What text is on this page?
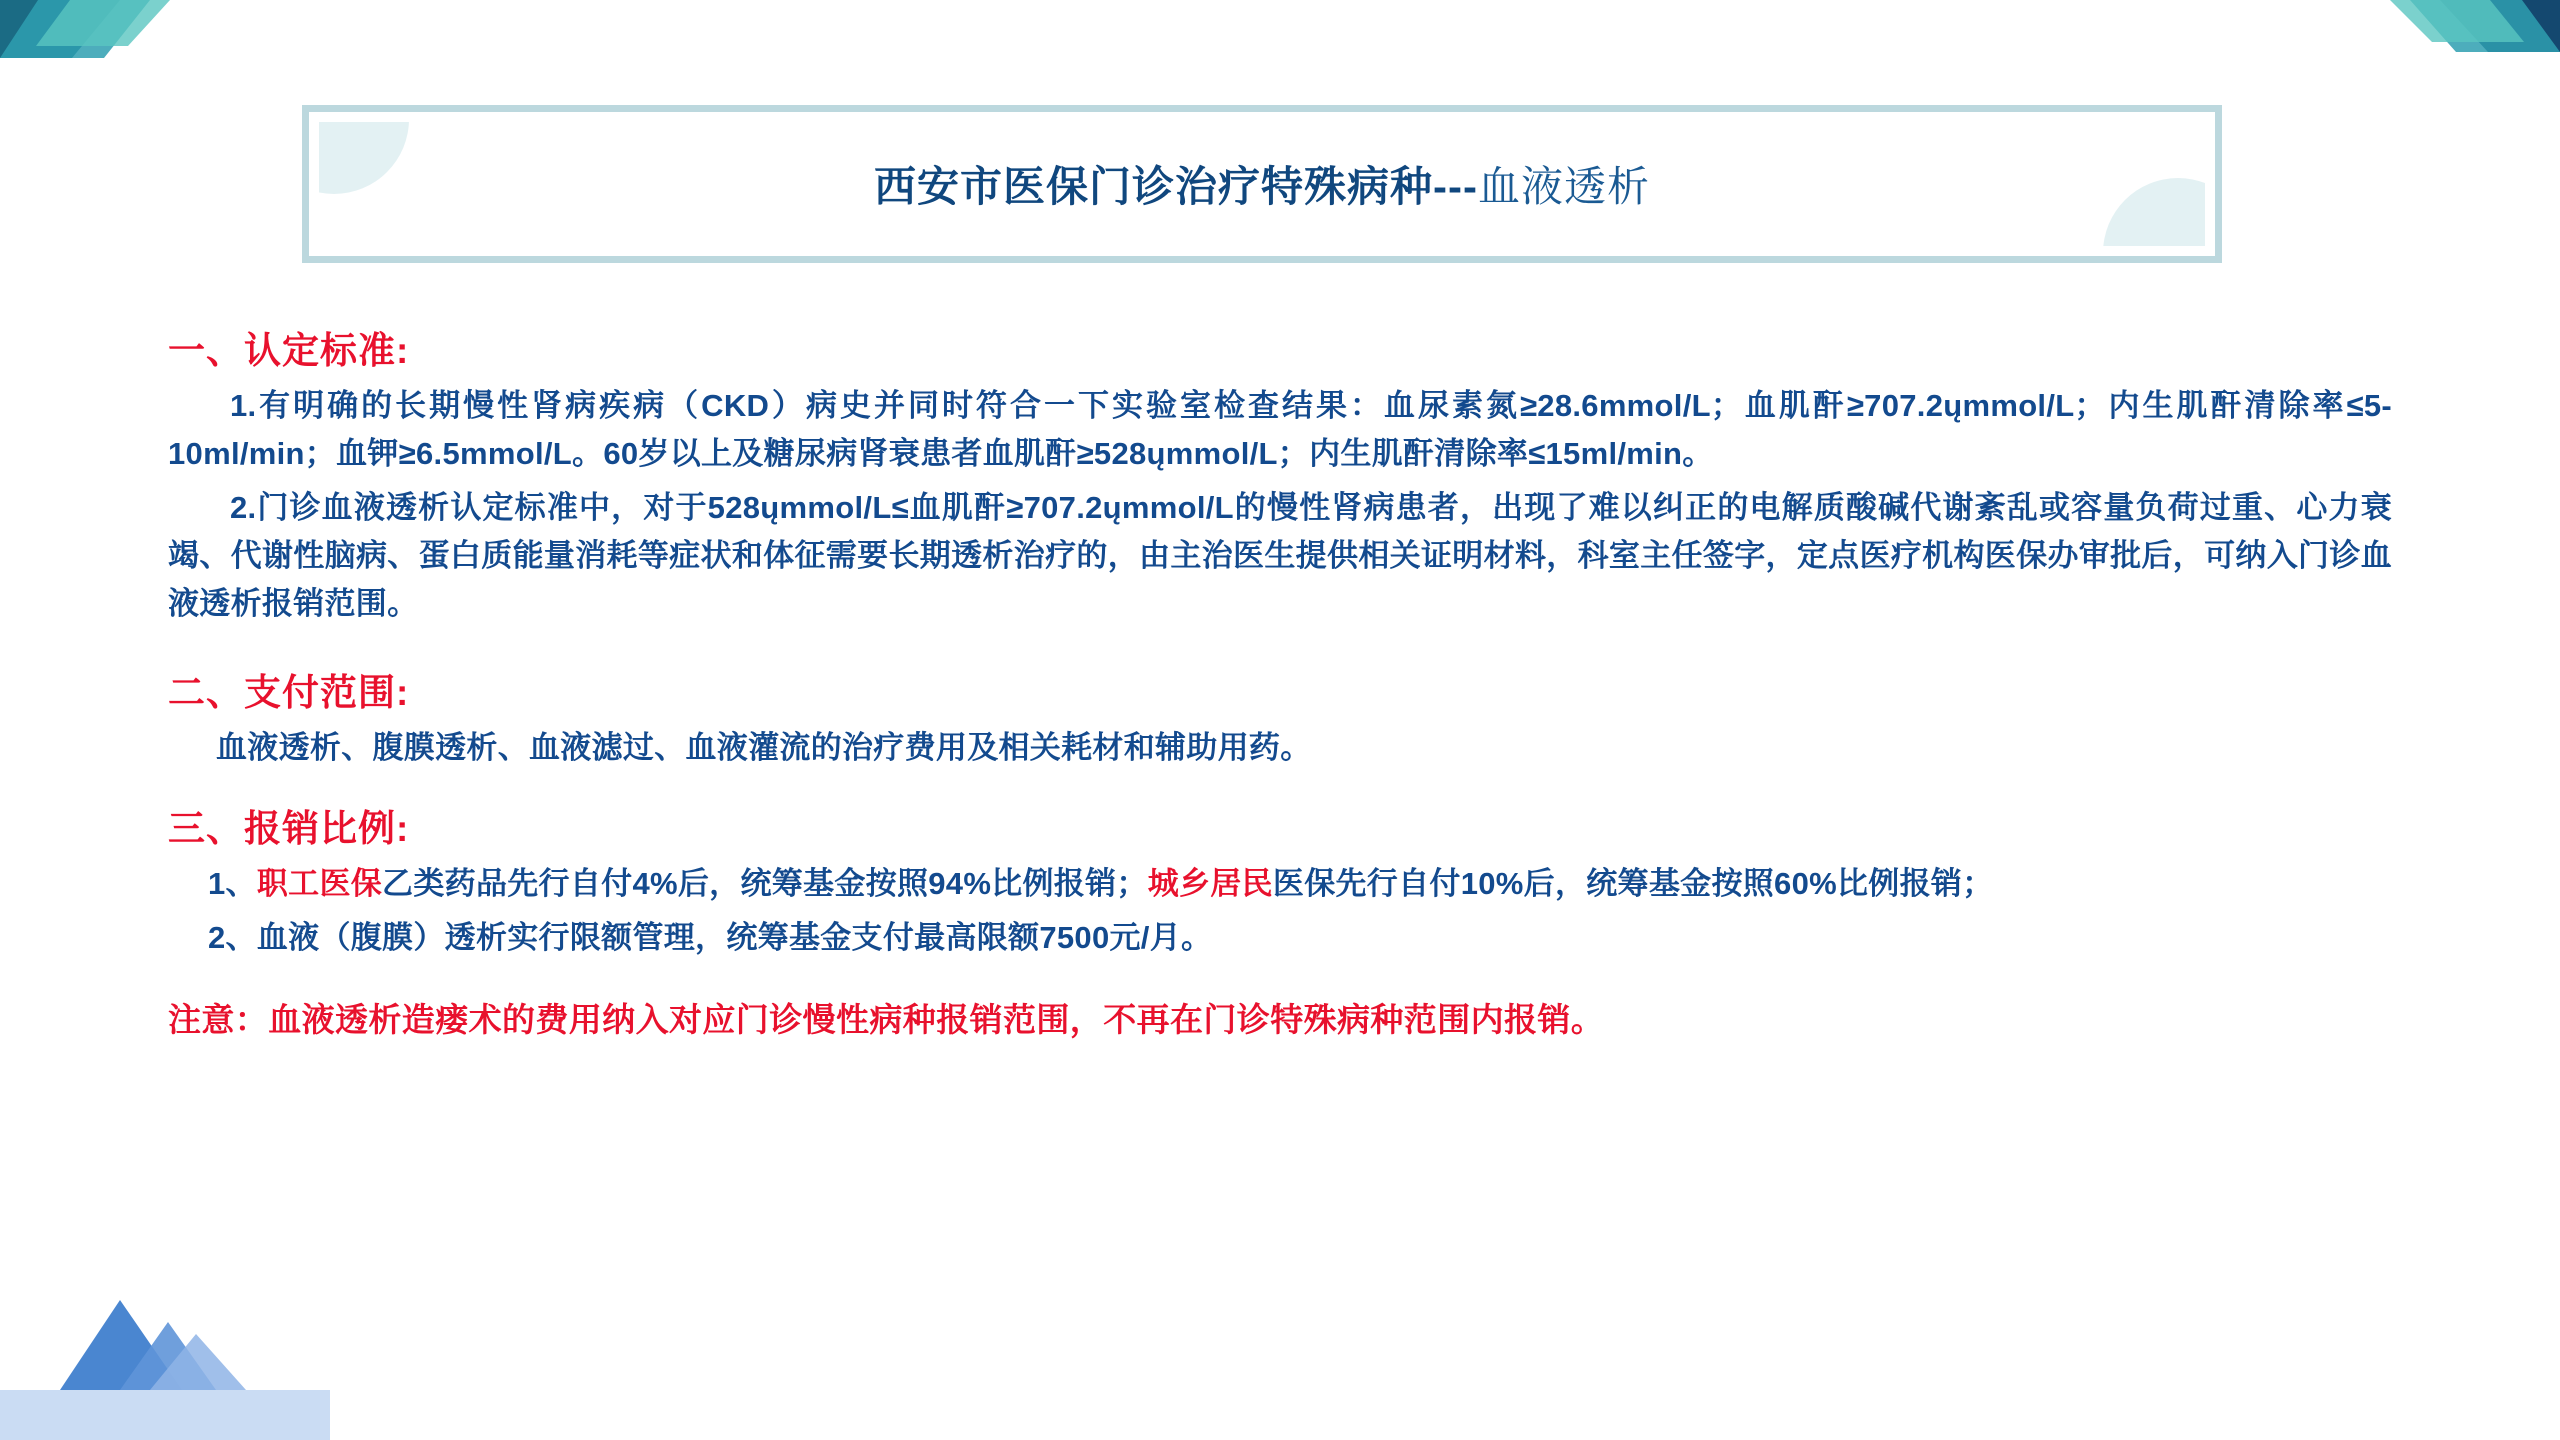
西安市医保门诊治疗特殊病种---血液透析
一、认定标准:

1.有明确的长期慢性肾病疾病（CKD）病史并同时符合一下实验室检查结果：血尿素氮≥28.6mmol/L；血肌酐≥707.2ųmmol/L；内生肌酐清除率≤5-10ml/min；血钾≥6.5mmol/L。60岁以上及糖尿病肾衰患者血肌酐≥528ųmmol/L；内生肌酐清除率≤15ml/min。

2.门诊血液透析认定标准中，对于528ųmmol/L≤血肌酐≥707.2ųmmol/L的慢性肾病患者，出现了难以纠正的电解质酸碱代谢紊乱或容量负荷过重、心力衰竭、代谢性脑病、蛋白质能量消耗等症状和体征需要长期透析治疗的，由主治医生提供相关证明材料，科室主任签字，定点医疗机构医保办审批后，可纳入门诊血液透析报销范围。

二、支付范围:

血液透析、腹膜透析、血液滤过、血液灌流的治疗费用及相关耗材和辅助用药。

三、报销比例:

1、职工医保乙类药品先行自付4%后，统筹基金按照94%比例报销；城乡居民医保先行自付10%后，统筹基金按照60%比例报销；

2、血液（腹膜）透析实行限额管理，统筹基金支付最高限额7500元/月。

注意：血液透析造瘘术的费用纳入对应门诊慢性病种报销范围，不再在门诊特殊病种范围内报销。
